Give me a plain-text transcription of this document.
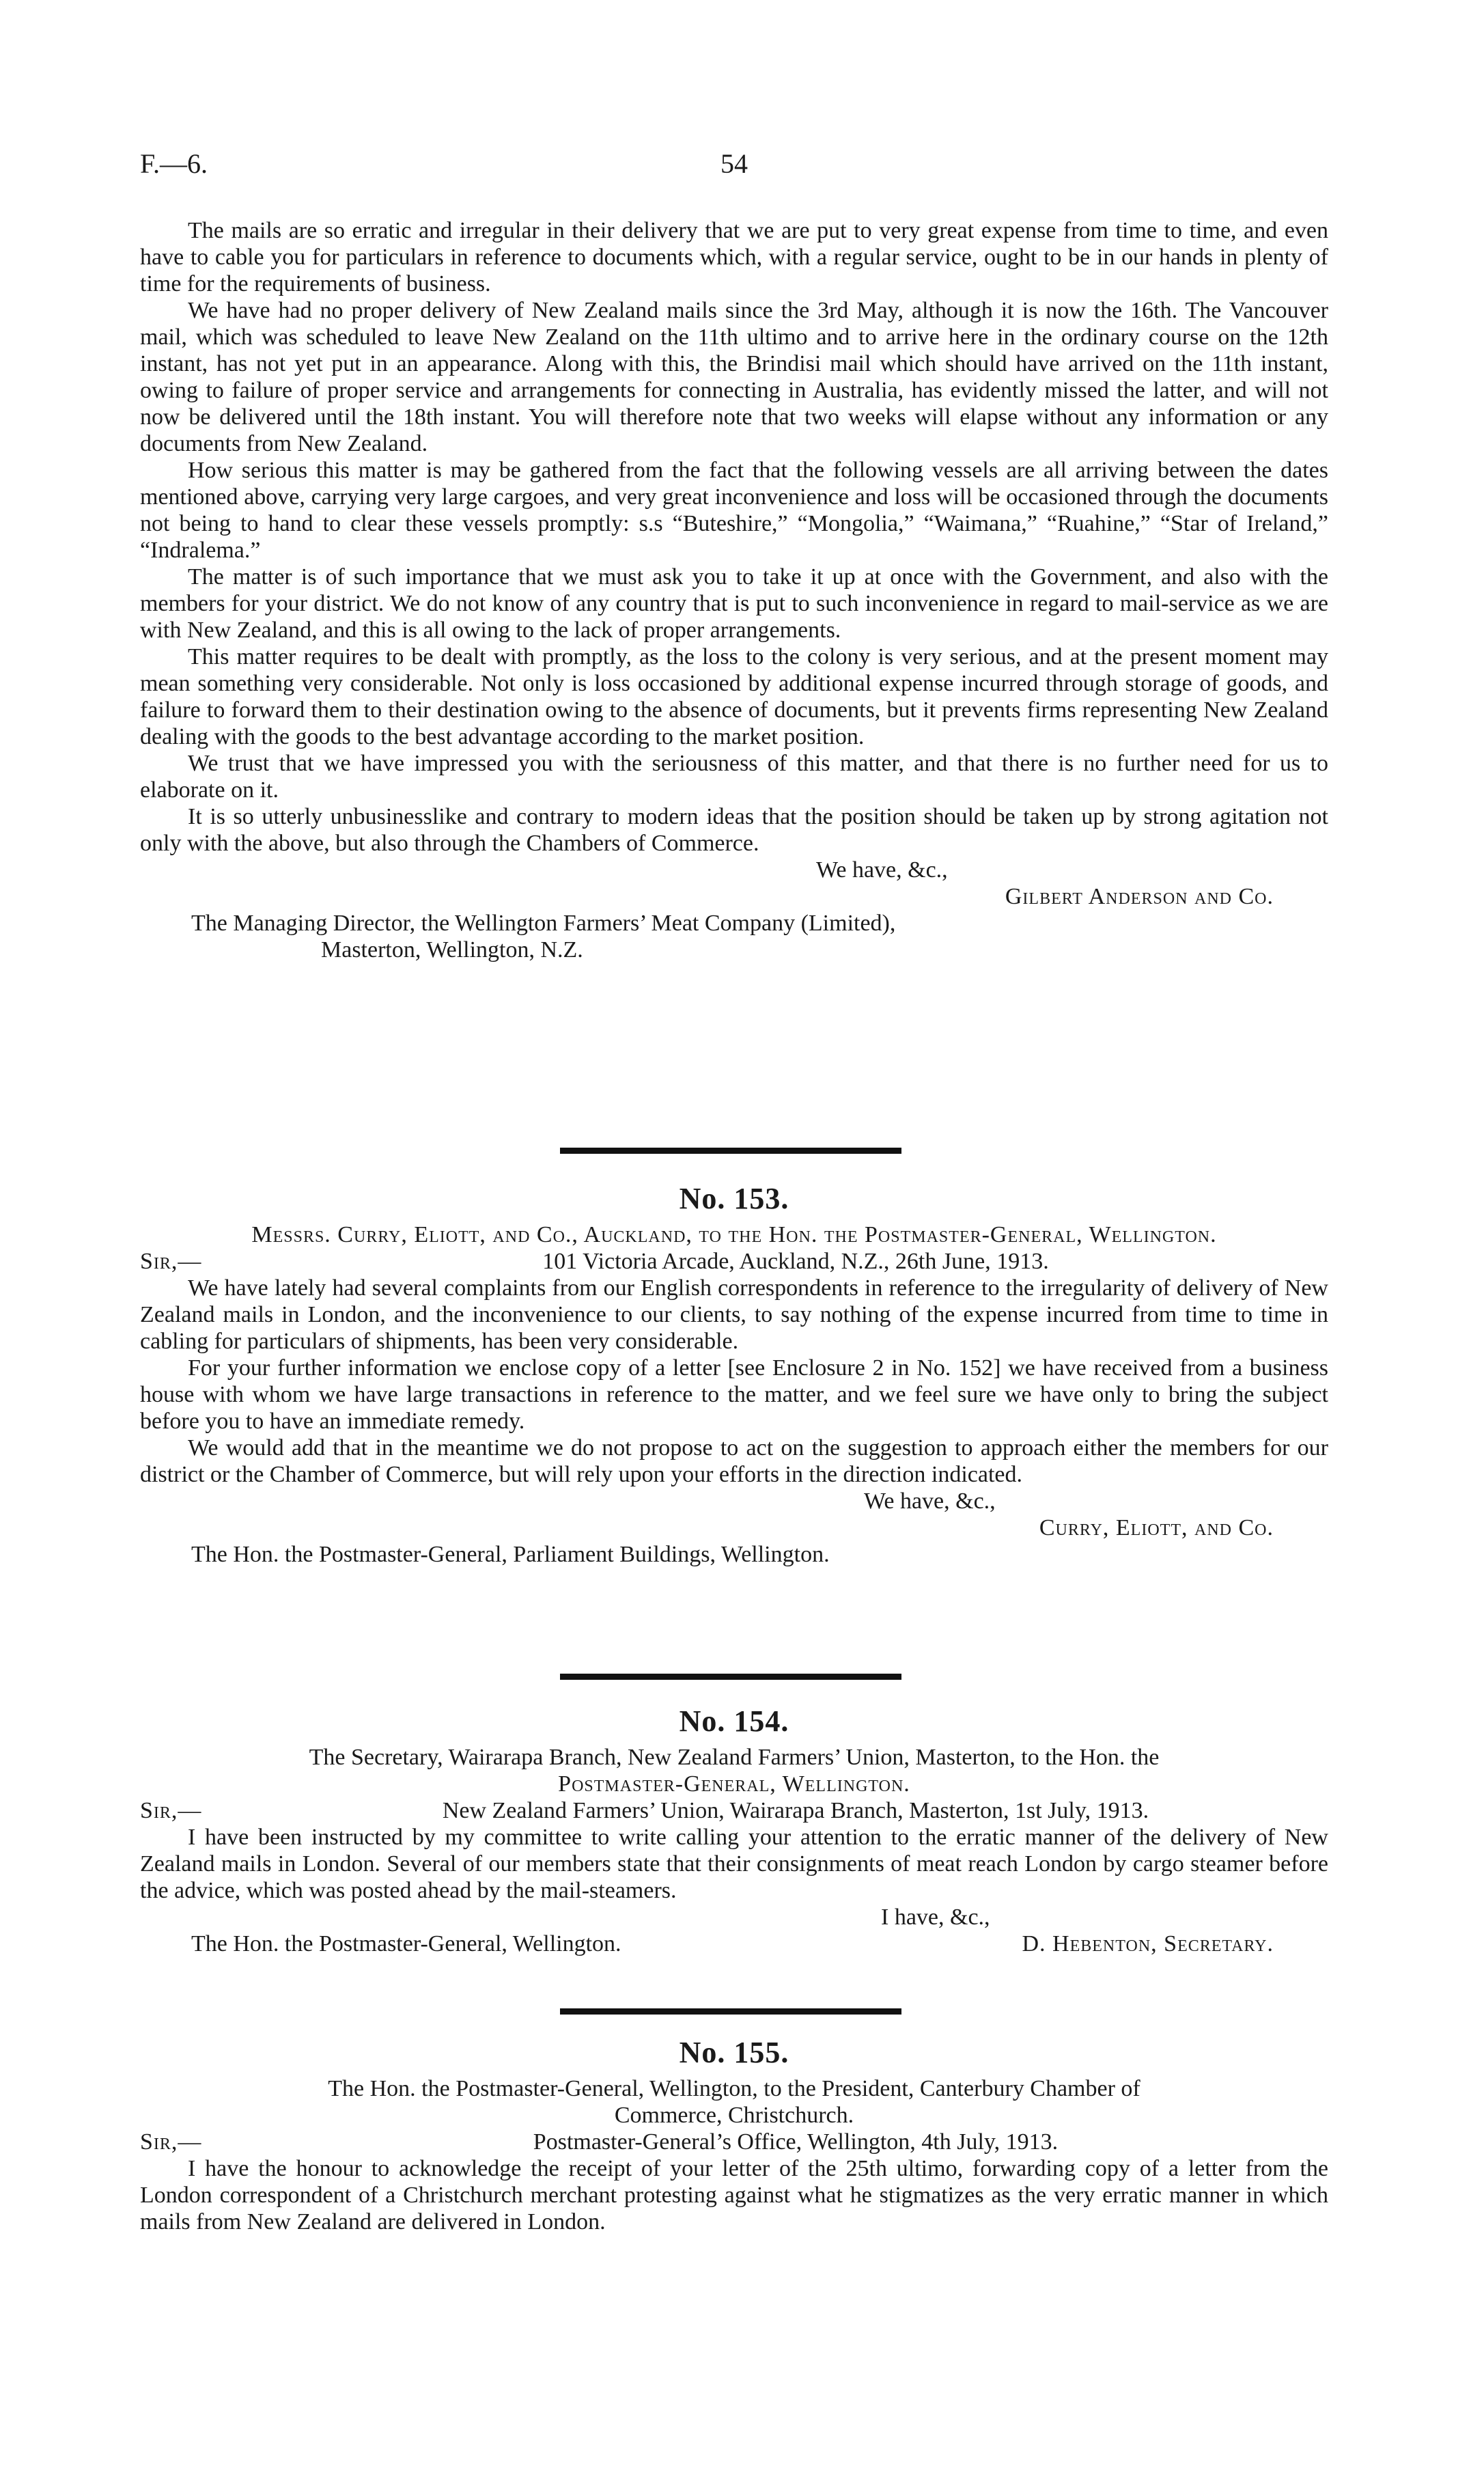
F.—6.	54

The mails are so erratic and irregular in their delivery that we are put to very great expense from time to time, and even have to cable you for particulars in reference to documents which, with a regular service, ought to be in our hands in plenty of time for the requirements of business.

We have had no proper delivery of New Zealand mails since the 3rd May, although it is now the 16th. The Vancouver mail, which was scheduled to leave New Zealand on the 11th ultimo and to arrive here in the ordinary course on the 12th instant, has not yet put in an appearance. Along with this, the Brindisi mail which should have arrived on the 11th instant, owing to failure of proper service and arrangements for connecting in Australia, has evidently missed the latter, and will not now be delivered until the 18th instant. You will therefore note that two weeks will elapse without any information or any documents from New Zealand.

How serious this matter is may be gathered from the fact that the following vessels are all arriving between the dates mentioned above, carrying very large cargoes, and very great inconvenience and loss will be occasioned through the documents not being to hand to clear these vessels promptly: s.s “Buteshire,” “Mongolia,” “Waimana,” “Ruahine,” “Star of Ireland,” “Indralema.”

The matter is of such importance that we must ask you to take it up at once with the Government, and also with the members for your district. We do not know of any country that is put to such inconvenience in regard to mail-service as we are with New Zealand, and this is all owing to the lack of proper arrangements.

This matter requires to be dealt with promptly, as the loss to the colony is very serious, and at the present moment may mean something very considerable. Not only is loss occasioned by additional expense incurred through storage of goods, and failure to forward them to their destination owing to the absence of documents, but it prevents firms representing New Zealand dealing with the goods to the best advantage according to the market position.

We trust that we have impressed you with the seriousness of this matter, and that there is no further need for us to elaborate on it.

It is so utterly unbusinesslike and contrary to modern ideas that the position should be taken up by strong agitation not only with the above, but also through the Chambers of Commerce.

We have, &c.,

Gilbert Anderson and Co.

The Managing Director, the Wellington Farmers’ Meat Company (Limited),

Masterton, Wellington, N.Z.

No. 153.

Messrs. Curry, Eliott, and Co., Auckland, to the Hon. the Postmaster-General, Wellington.

Sir,—	101 Victoria Arcade, Auckland, N.Z., 26th June, 1913.

We have lately had several complaints from our English correspondents in reference to the irregularity of delivery of New Zealand mails in London, and the inconvenience to our clients, to say nothing of the expense incurred from time to time in cabling for particulars of shipments, has been very considerable.

For your further information we enclose copy of a letter [see Enclosure 2 in No. 152] we have received from a business house with whom we have large transactions in reference to the matter, and we feel sure we have only to bring the subject before you to have an immediate remedy.

We would add that in the meantime we do not propose to act on the suggestion to approach either the members for our district or the Chamber of Commerce, but will rely upon your efforts in the direction indicated.

We have, &c.,

Curry, Eliott, and Co.

The Hon. the Postmaster-General, Parliament Buildings, Wellington.

No. 154.

The Secretary, Wairarapa Branch, New Zealand Farmers’ Union, Masterton, to the Hon. the

Postmaster-General, Wellington.

Sir,—	New Zealand Farmers’ Union, Wairarapa Branch, Masterton, 1st July, 1913.

I have been instructed by my committee to write calling your attention to the erratic manner of the delivery of New Zealand mails in London. Several of our members state that their consignments of meat reach London by cargo steamer before the advice, which was posted ahead by the mail-steamers.

I have, &c.,

The Hon. the Postmaster-General, Wellington.	D. Hebenton, Secretary.

No. 155.

The Hon. the Postmaster-General, Wellington, to the President, Canterbury Chamber of

Commerce, Christchurch.

Sir,—	Postmaster-General’s Office, Wellington, 4th July, 1913.

I have the honour to acknowledge the receipt of your letter of the 25th ultimo, forwarding copy of a letter from the London correspondent of a Christchurch merchant protesting against what he stigmatizes as the very erratic manner in which mails from New Zealand are delivered in London.
